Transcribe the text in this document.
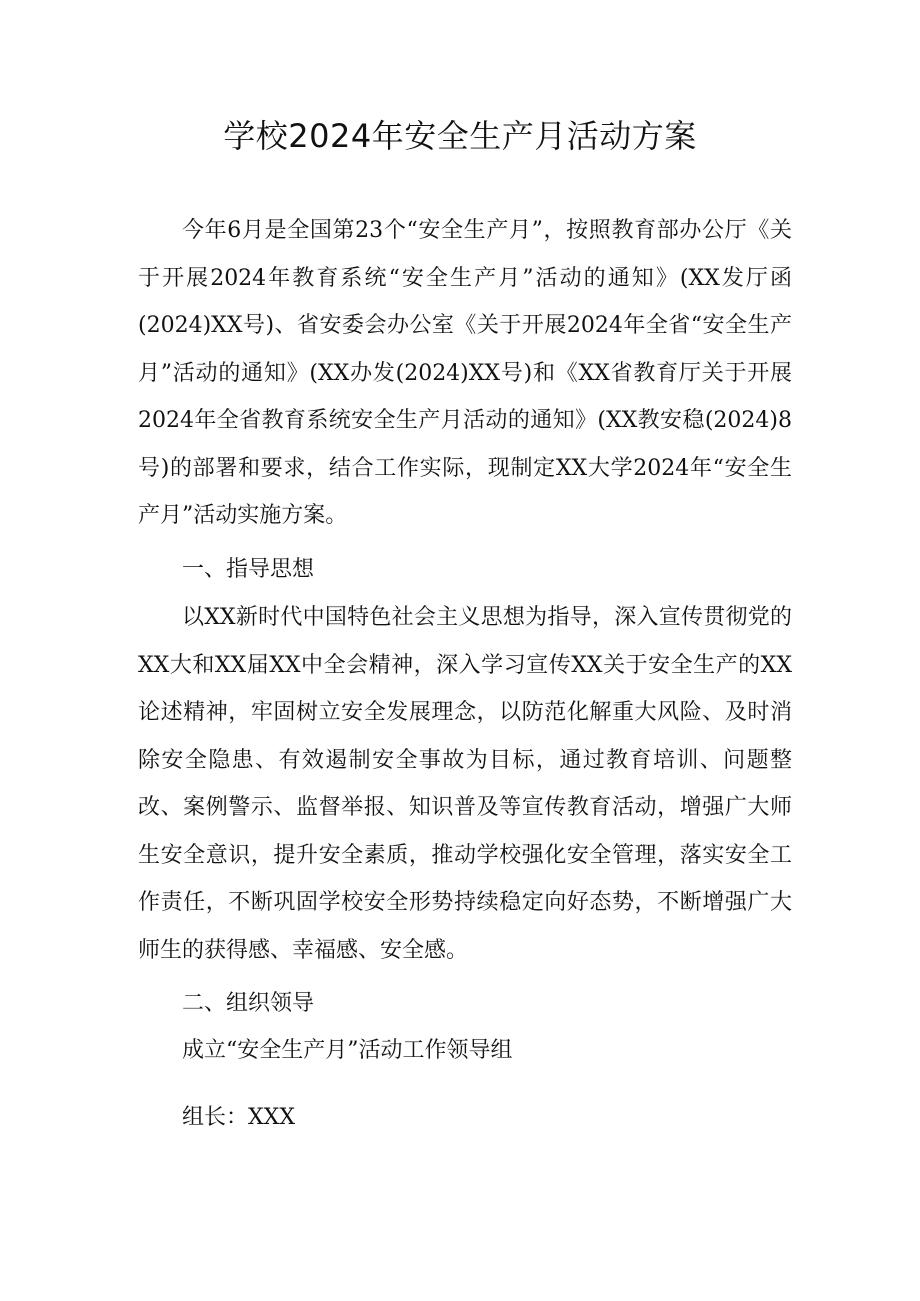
学校2024年安全生产月活动方案

今年6月是全国第23个“安全生产月”，按照教育部办公厅《关于开展2024年教育系统“安全生产月”活动的通知》(XX发厅函(2024)XX号)、省安委会办公室《关于开展2024年全省“安全生产月”活动的通知》(XX办发(2024)XX号)和《XX省教育厅关于开展2024年全省教育系统安全生产月活动的通知》(XX教安稳(2024)8号)的部署和要求，结合工作实际，现制定XX大学2024年“安全生产月”活动实施方案。

一、指导思想

以XX新时代中国特色社会主义思想为指导，深入宣传贯彻党的XX大和XX届XX中全会精神，深入学习宣传XX关于安全生产的XX论述精神，牢固树立安全发展理念，以防范化解重大风险、及时消除安全隐患、有效遏制安全事故为目标，通过教育培训、问题整改、案例警示、监督举报、知识普及等宣传教育活动，增强广大师生安全意识，提升安全素质，推动学校强化安全管理，落实安全工作责任，不断巩固学校安全形势持续稳定向好态势，不断增强广大师生的获得感、幸福感、安全感。

二、组织领导

成立“安全生产月”活动工作领导组

组长：XXX
